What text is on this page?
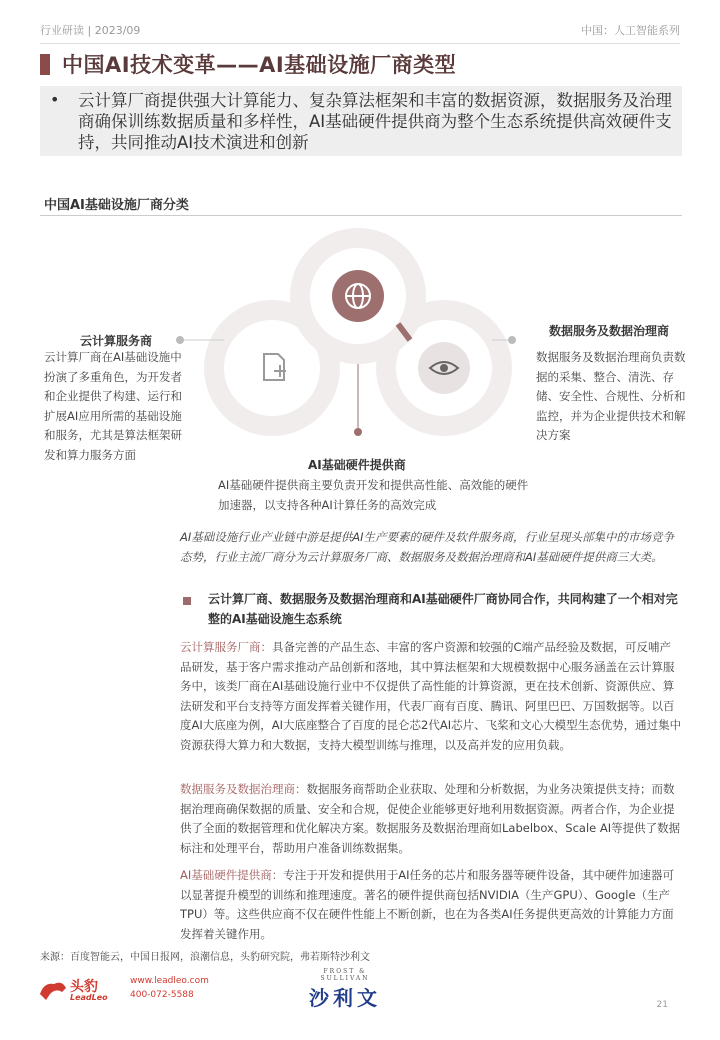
行业研读 | 2023/09	中国：人工智能系列
中国AI技术变革——AI基础设施厂商类型
• 云计算厂商提供强大计算能力、复杂算法框架和丰富的数据资源，数据服务及治理商确保训练数据质量和多样性，AI基础硬件提供商为整个生态系统提供高效硬件支持，共同推动AI技术演进和创新
中国AI基础设施厂商分类
云计算服务商
云计算厂商在AI基础设施中扮演了多重角色，为开发者和企业提供了构建、运行和扩展AI应用所需的基础设施和服务，尤其是算法框架研发和算力服务方面
数据服务及数据治理商
数据服务及数据治理商负责数据的采集、整合、清洗、存储、安全性、合规性、分析和监控，并为企业提供技术和解决方案
AI基础硬件提供商
AI基础硬件提供商主要负责开发和提供高性能、高效能的硬件加速器，以支持各种AI计算任务的高效完成
AI基础设施行业产业链中游是提供AI生产要素的硬件及软件服务商，行业呈现头部集中的市场竞争态势，行业主流厂商分为云计算服务厂商、数据服务及数据治理商和AI基础硬件提供商三大类。
云计算厂商、数据服务及数据治理商和AI基础硬件厂商协同合作，共同构建了一个相对完整的AI基础设施生态系统
云计算服务厂商：具备完善的产品生态、丰富的客户资源和较强的C端产品经验及数据，可反哺产品研发，基于客户需求推动产品创新和落地，其中算法框架和大规模数据中心服务涵盖在云计算服务中，该类厂商在AI基础设施行业中不仅提供了高性能的计算资源，更在技术创新、资源供应、算法研发和平台支持等方面发挥着关键作用，代表厂商有百度、腾讯、阿里巴巴、万国数据等。以百度AI大底座为例，AI大底座整合了百度的昆仑芯2代AI芯片、飞桨和文心大模型生态优势，通过集中资源获得大算力和大数据，支持大模型训练与推理，以及高并发的应用负载。
数据服务及数据治理商：数据服务商帮助企业获取、处理和分析数据，为业务决策提供支持；而数据治理商确保数据的质量、安全和合规，促使企业能够更好地利用数据资源。两者合作，为企业提供了全面的数据管理和优化解决方案。数据服务及数据治理商如Labelbox、Scale AI等提供了数据标注和处理平台，帮助用户准备训练数据集。
AI基础硬件提供商：专注于开发和提供用于AI任务的芯片和服务器等硬件设备，其中硬件加速器可以显著提升模型的训练和推理速度。著名的硬件提供商包括NVIDIA（生产GPU）、Google（生产TPU）等。这些供应商不仅在硬件性能上不断创新，也在为各类AI任务提供更高效的计算能力方面发挥着关键作用。
来源：百度智能云，中国日报网，浪潮信息，头豹研究院，弗若斯特沙利文
头豹
LeadLeo
www.leadleo.com
400-072-5588
FROST & SULLIVAN
沙利文	21
